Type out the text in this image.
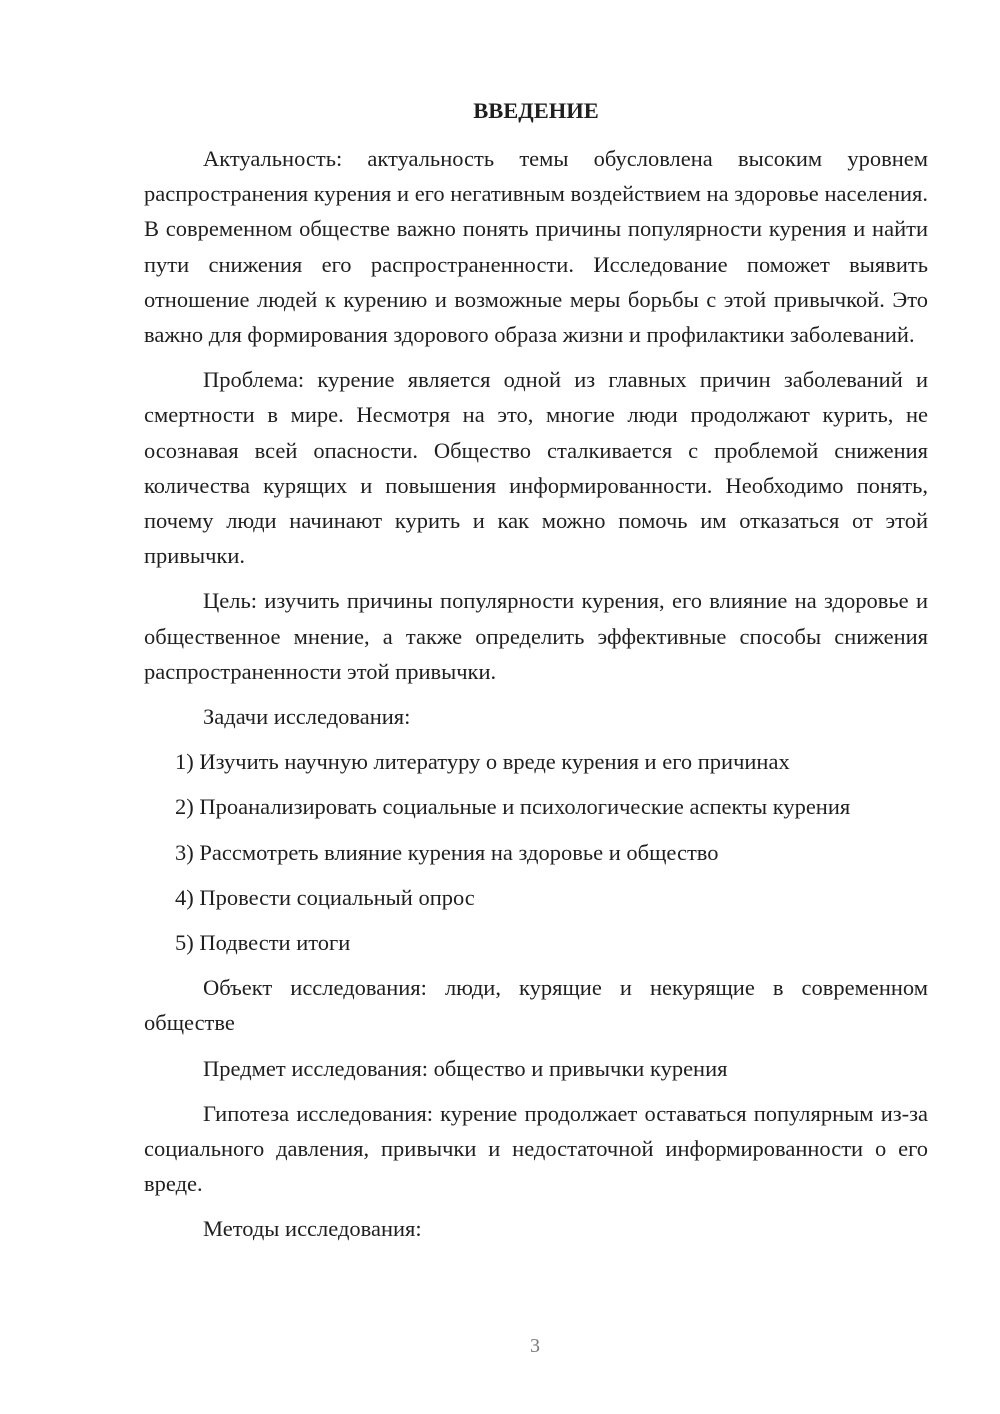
ВВЕДЕНИЕ

Актуальность: актуальность темы обусловлена высоким уровнем распространения курения и его негативным воздействием на здоровье населения. В современном обществе важно понять причины популярности курения и найти пути снижения его распространенности. Исследование поможет выявить отношение людей к курению и возможные меры борьбы с этой привычкой. Это важно для формирования здорового образа жизни и профилактики заболеваний.

Проблема: курение является одной из главных причин заболеваний и смертности в мире. Несмотря на это, многие люди продолжают курить, не осознавая всей опасности. Общество сталкивается с проблемой снижения количества курящих и повышения информированности. Необходимо понять, почему люди начинают курить и как можно помочь им отказаться от этой привычки.

Цель: изучить причины популярности курения, его влияние на здоровье и общественное мнение, а также определить эффективные способы снижения распространенности этой привычки.

Задачи исследования:

1) Изучить научную литературу о вреде курения и его причинах
2) Проанализировать социальные и психологические аспекты курения
3) Рассмотреть влияние курения на здоровье и общество
4) Провести социальный опрос
5) Подвести итоги

Объект исследования: люди, курящие и некурящие в современном обществе

Предмет исследования: общество и привычки курения

Гипотеза исследования: курение продолжает оставаться популярным из-за социального давления, привычки и недостаточной информированности о его вреде.

Методы исследования:

3
